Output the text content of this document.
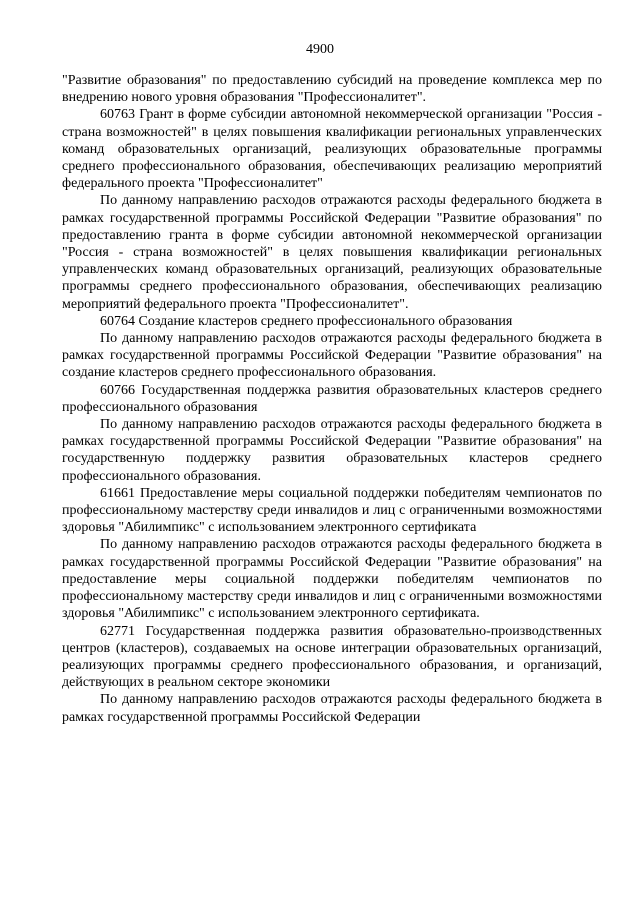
4900

"Развитие образования" по предоставлению субсидий на проведение комплекса мер по внедрению нового уровня образования "Профессионалитет".

60763 Грант в форме субсидии автономной некоммерческой организации "Россия - страна возможностей" в целях повышения квалификации региональных управленческих команд образовательных организаций, реализующих образовательные программы среднего профессионального образования, обеспечивающих реализацию мероприятий федерального проекта "Профессионалитет"

По данному направлению расходов отражаются расходы федерального бюджета в рамках государственной программы Российской Федерации "Развитие образования" по предоставлению гранта в форме субсидии автономной некоммерческой организации "Россия - страна возможностей" в целях повышения квалификации региональных управленческих команд образовательных организаций, реализующих образовательные программы среднего профессионального образования, обеспечивающих реализацию мероприятий федерального проекта "Профессионалитет".

60764 Создание кластеров среднего профессионального образования

По данному направлению расходов отражаются расходы федерального бюджета в рамках государственной программы Российской Федерации "Развитие образования" на создание кластеров среднего профессионального образования.

60766 Государственная поддержка развития образовательных кластеров среднего профессионального образования

По данному направлению расходов отражаются расходы федерального бюджета в рамках государственной программы Российской Федерации "Развитие образования" на государственную поддержку развития образовательных кластеров среднего профессионального образования.

61661 Предоставление меры социальной поддержки победителям чемпионатов по профессиональному мастерству среди инвалидов и лиц с ограниченными возможностями здоровья "Абилимпикс" с использованием электронного сертификата

По данному направлению расходов отражаются расходы федерального бюджета в рамках государственной программы Российской Федерации "Развитие образования" на предоставление меры социальной поддержки победителям чемпионатов по профессиональному мастерству среди инвалидов и лиц с ограниченными возможностями здоровья "Абилимпикс" с использованием электронного сертификата.

62771 Государственная поддержка развития образовательно-производственных центров (кластеров), создаваемых на основе интеграции образовательных организаций, реализующих программы среднего профессионального образования, и организаций, действующих в реальном секторе экономики

По данному направлению расходов отражаются расходы федерального бюджета в рамках государственной программы Российской Федерации
